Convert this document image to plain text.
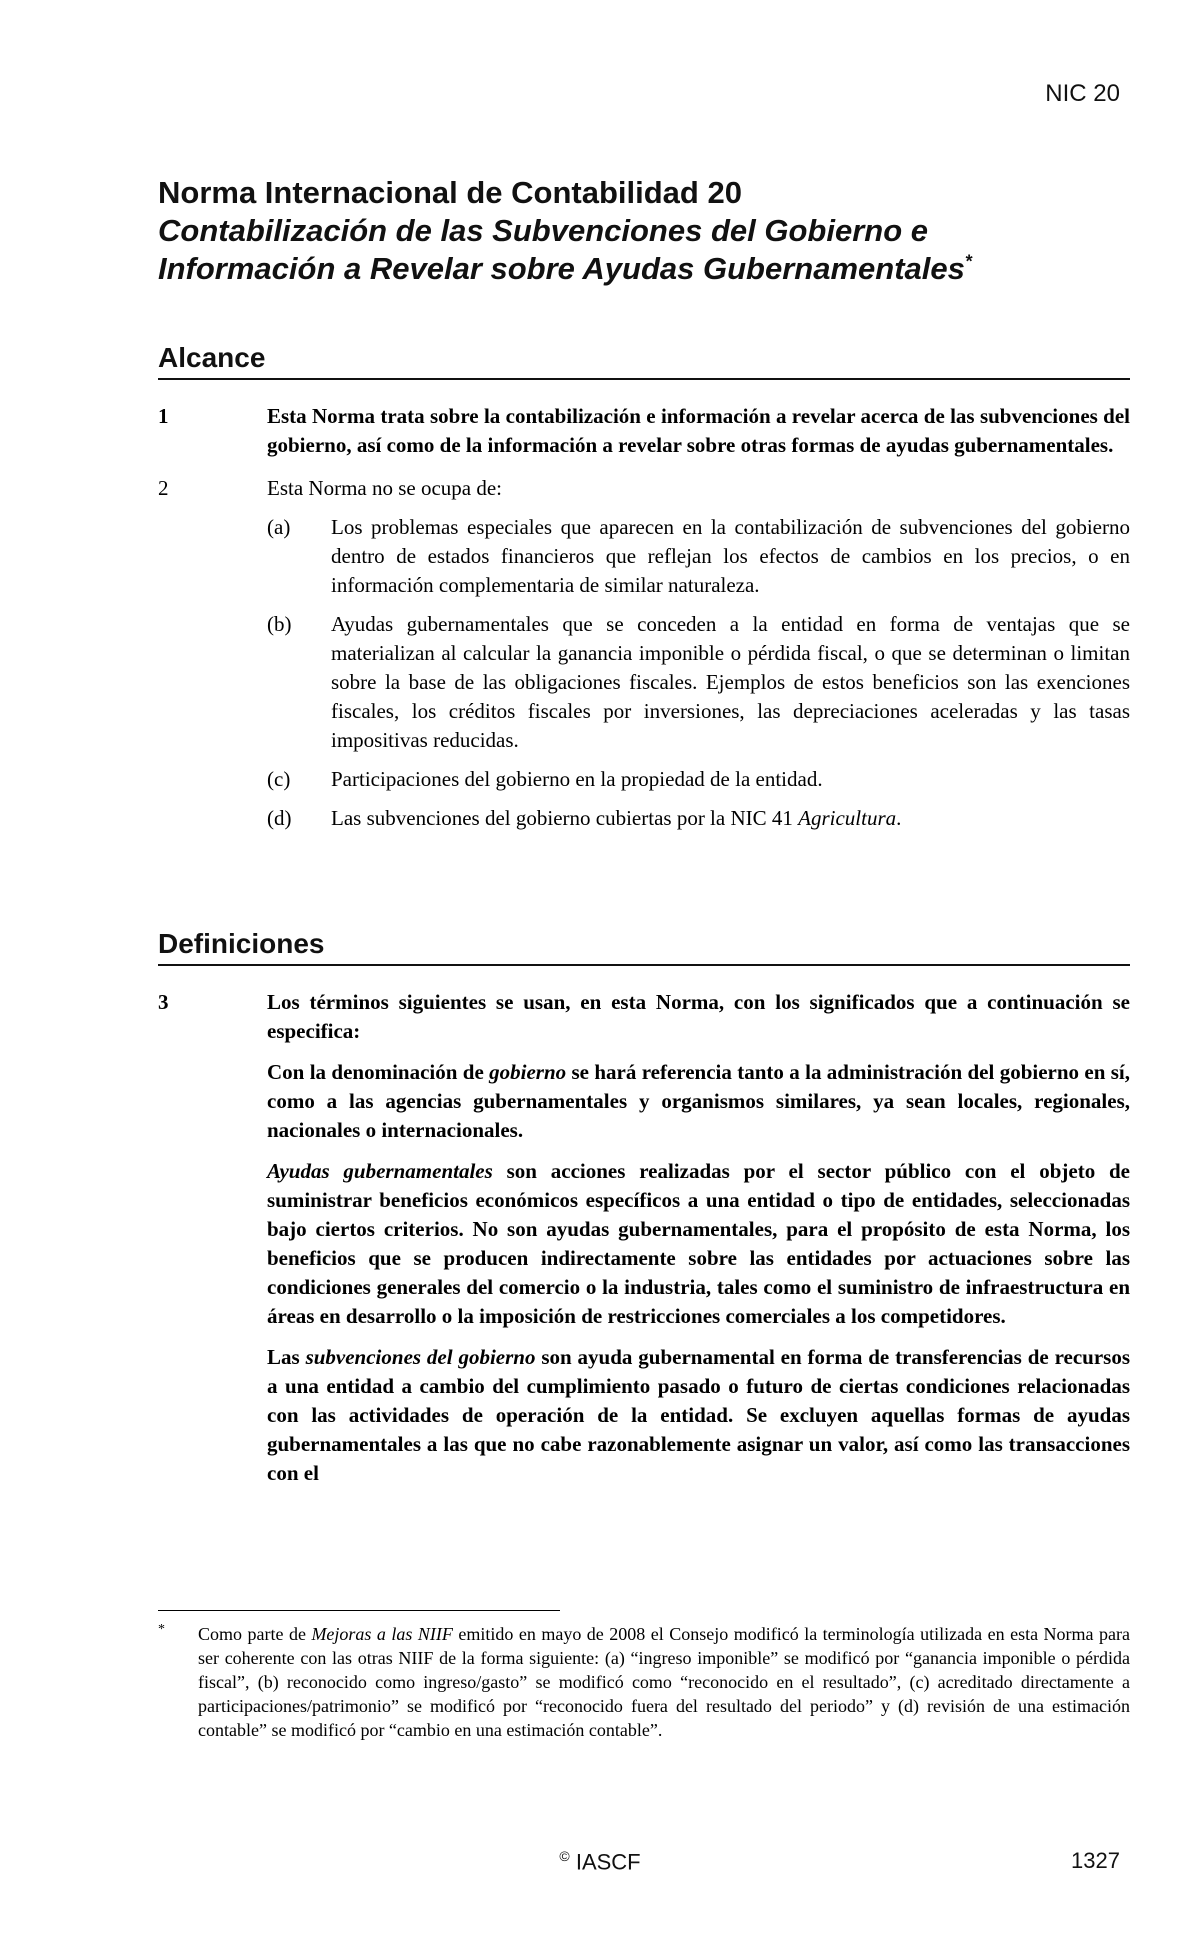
NIC 20
Norma Internacional de Contabilidad 20
Contabilización de las Subvenciones del Gobierno e
Información a Revelar sobre Ayudas Gubernamentales*
Alcance
1	Esta Norma trata sobre la contabilización e información a revelar acerca de las subvenciones del gobierno, así como de la información a revelar sobre otras formas de ayudas gubernamentales.
2	Esta Norma no se ocupa de:
(a) Los problemas especiales que aparecen en la contabilización de subvenciones del gobierno dentro de estados financieros que reflejan los efectos de cambios en los precios, o en información complementaria de similar naturaleza.
(b) Ayudas gubernamentales que se conceden a la entidad en forma de ventajas que se materializan al calcular la ganancia imponible o pérdida fiscal, o que se determinan o limitan sobre la base de las obligaciones fiscales. Ejemplos de estos beneficios son las exenciones fiscales, los créditos fiscales por inversiones, las depreciaciones aceleradas y las tasas impositivas reducidas.
(c) Participaciones del gobierno en la propiedad de la entidad.
(d) Las subvenciones del gobierno cubiertas por la NIC 41 Agricultura.
Definiciones
3	Los términos siguientes se usan, en esta Norma, con los significados que a continuación se especifica:
Con la denominación de gobierno se hará referencia tanto a la administración del gobierno en sí, como a las agencias gubernamentales y organismos similares, ya sean locales, regionales, nacionales o internacionales.
Ayudas gubernamentales son acciones realizadas por el sector público con el objeto de suministrar beneficios económicos específicos a una entidad o tipo de entidades, seleccionadas bajo ciertos criterios. No son ayudas gubernamentales, para el propósito de esta Norma, los beneficios que se producen indirectamente sobre las entidades por actuaciones sobre las condiciones generales del comercio o la industria, tales como el suministro de infraestructura en áreas en desarrollo o la imposición de restricciones comerciales a los competidores.
Las subvenciones del gobierno son ayuda gubernamental en forma de transferencias de recursos a una entidad a cambio del cumplimiento pasado o futuro de ciertas condiciones relacionadas con las actividades de operación de la entidad. Se excluyen aquellas formas de ayudas gubernamentales a las que no cabe razonablemente asignar un valor, así como las transacciones con el
* Como parte de Mejoras a las NIIF emitido en mayo de 2008 el Consejo modificó la terminología utilizada en esta Norma para ser coherente con las otras NIIF de la forma siguiente: (a) “ingreso imponible” se modificó por “ganancia imponible o pérdida fiscal”, (b) reconocido como ingreso/gasto” se modificó como “reconocido en el resultado”, (c) acreditado directamente a participaciones/patrimonio” se modificó por “reconocido fuera del resultado del periodo” y (d) revisión de una estimación contable” se modificó por “cambio en una estimación contable”.
© IASCF	1327
